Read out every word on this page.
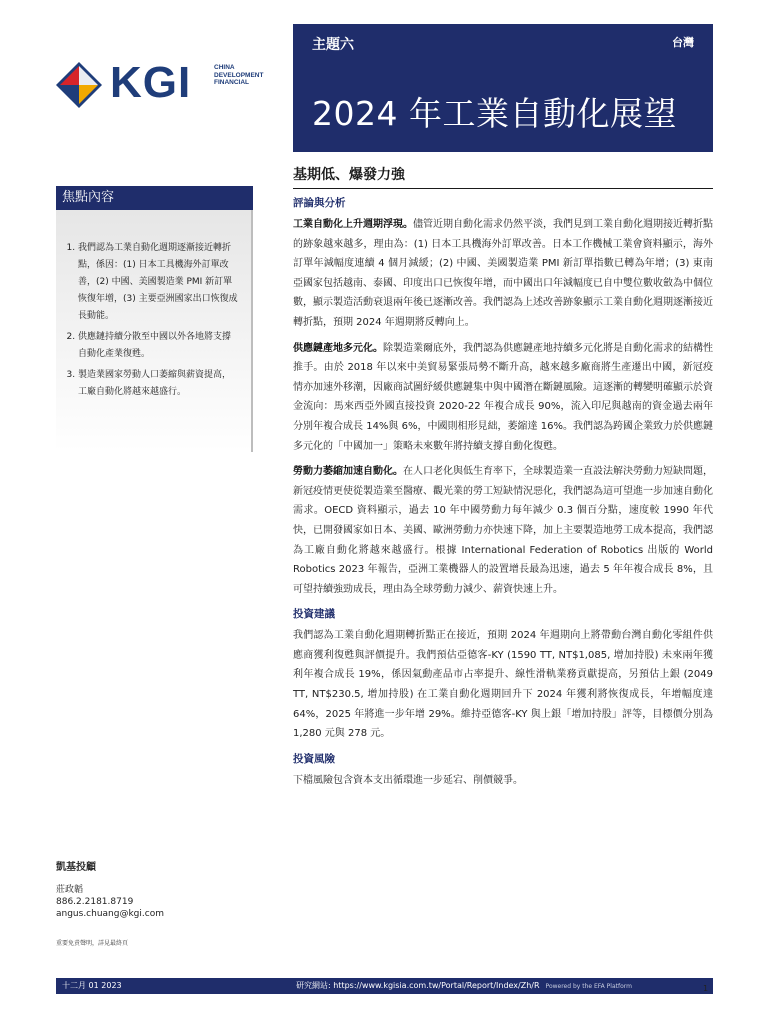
KGI	CHINA
DEVELOPMENT
FINANCIAL
主題六	台灣
2024 年工業自動化展望
基期低、爆發力強
焦點內容
1. 我們認為工業自動化週期逐漸接近轉折點，係因：(1) 日本工具機海外訂單改善，(2) 中國、美國製造業 PMI 新訂單恢復年增，(3) 主要亞洲國家出口恢復成長動能。
2. 供應鏈持續分散至中國以外各地將支撐自動化產業復甦。
3. 製造業國家勞動人口萎縮與薪資提高，工廠自動化將越來越盛行。
凱基投顧
莊政韜
886.2.2181.8719
angus.chuang@kgi.com
重要免責聲明，詳見最終頁
評論與分析

工業自動化上升週期浮現。儘管近期自動化需求仍然平淡，我們見到工業自動化週期接近轉折點的跡象越來越多，理由為：(1) 日本工具機海外訂單改善。日本工作機械工業會資料顯示，海外訂單年減幅度連續 4 個月減緩；(2) 中國、美國製造業 PMI 新訂單指數已轉為年增；(3) 東南亞國家包括越南、泰國、印度出口已恢復年增，而中國出口年減幅度已自中雙位數收斂為中個位數，顯示製造活動衰退兩年後已逐漸改善。我們認為上述改善跡象顯示工業自動化週期逐漸接近轉折點，預期 2024 年週期將反轉向上。

供應鏈產地多元化。除製造業爾底外，我們認為供應鏈產地持續多元化將是自動化需求的結構性推手。由於 2018 年以來中美貿易緊張局勢不斷升高，越來越多廠商將生產遷出中國，新冠疫情亦加速外移潮，因廠商試圖紓緩供應鏈集中與中國潛在斷鏈風險。這逐漸的轉變明確顯示於資金流向：馬來西亞外國直接投資 2020-22 年複合成長 90%，流入印尼與越南的資金過去兩年分別年複合成長 14%與 6%，中國則相形見絀，萎縮達 16%。我們認為跨國企業致力於供應鏈多元化的「中國加一」策略未來數年將持續支撐自動化復甦。

勞動力萎縮加速自動化。在人口老化與低生育率下，全球製造業一直設法解決勞動力短缺問題，新冠疫情更使從製造業至醫療、觀光業的勞工短缺情況惡化，我們認為這可望進一步加速自動化需求。OECD 資料顯示，過去 10 年中國勞動力每年減少 0.3 個百分點，速度較 1990 年代快，已開發國家如日本、美國、歐洲勞動力亦快速下降，加上主要製造地勞工成本提高，我們認為工廠自動化將越來越盛行。根據 International Federation of Robotics 出版的 World Robotics 2023 年報告，亞洲工業機器人的設置增長最為迅速，過去 5 年年複合成長 8%，且可望持續強勁成長，理由為全球勞動力減少、薪資快速上升。

投資建議

我們認為工業自動化週期轉折點正在接近，預期 2024 年週期向上將帶動台灣自動化零組件供應商獲利復甦與評價提升。我們預估亞德客-KY (1590 TT, NT$1,085, 增加持股) 未來兩年獲利年複合成長 19%，係因氣動產品市占率提升、線性滑軌業務貢獻提高，另預估上銀 (2049 TT, NT$230.5, 增加持股) 在工業自動化週期回升下 2024 年獲利將恢復成長，年增幅度達 64%，2025 年將進一步年增 29%。維持亞德客-KY 與上銀「增加持股」評等，目標價分別為 1,280 元與 278 元。

投資風險

下檔風險包含資本支出循環進一步延宕、削價競爭。

十二月 01 2023	研究網站: https://www.kgisia.com.tw/Portal/Report/Index/Zh/R Powered by the EFA Platform	1
